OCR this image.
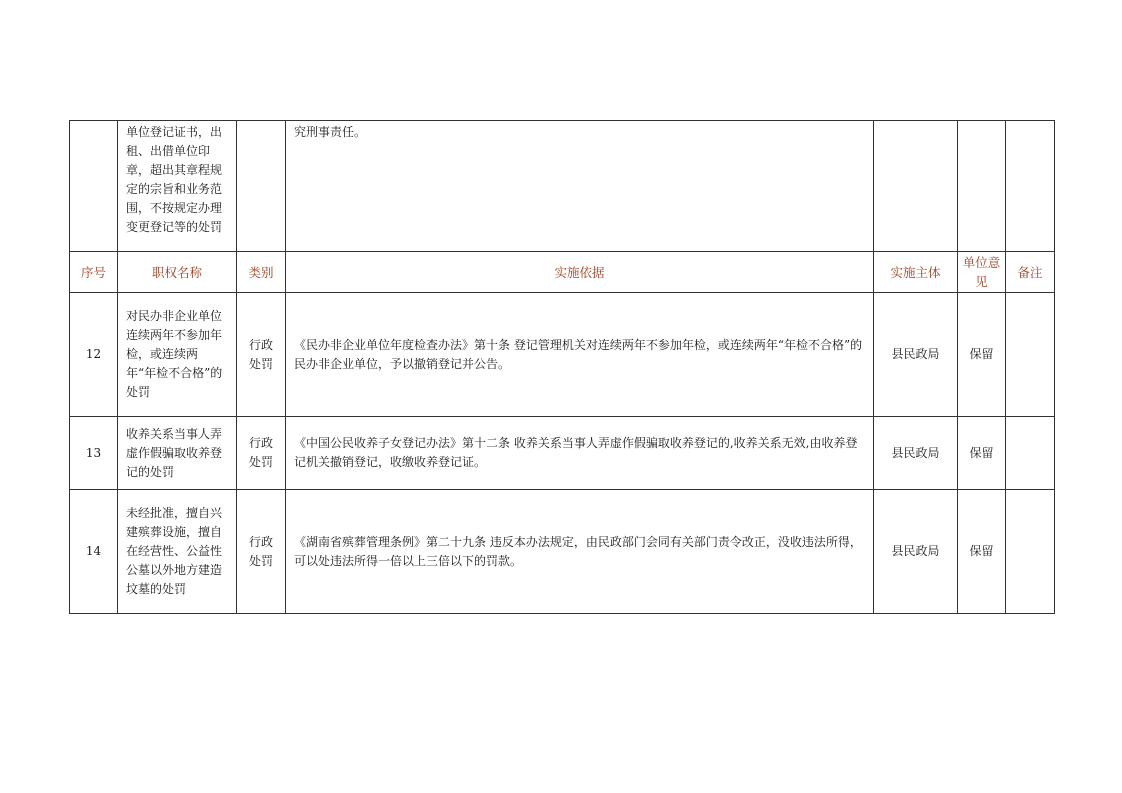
	单位登记证书，出租、出借单位印章，超出其章程规定的宗旨和业务范围，不按规定办理变更登记等的处罚		究刑事责任。			
序号	职权名称	类别	实施依据	实施主体	单位意见	备注
12	对民办非企业单位连续两年不参加年检，或连续两年“年检不合格”的处罚	行政处罚	《民办非企业单位年度检查办法》第十条 登记管理机关对连续两年不参加年检，或连续两年“年检不合格”的民办非企业单位，予以撤销登记并公告。	县民政局	保留	
13	收养关系当事人弄虚作假骗取收养登记的处罚	行政处罚	《中国公民收养子女登记办法》第十二条 收养关系当事人弄虚作假骗取收养登记的,收养关系无效,由收养登记机关撤销登记，收缴收养登记证。	县民政局	保留	
14	未经批准，擅自兴建殡葬设施，擅自在经营性、公益性公墓以外地方建造坟墓的处罚	行政处罚	《湖南省殡葬管理条例》第二十九条 违反本办法规定，由民政部门会同有关部门责令改正，没收违法所得，可以处违法所得一倍以上三倍以下的罚款。	县民政局	保留	
